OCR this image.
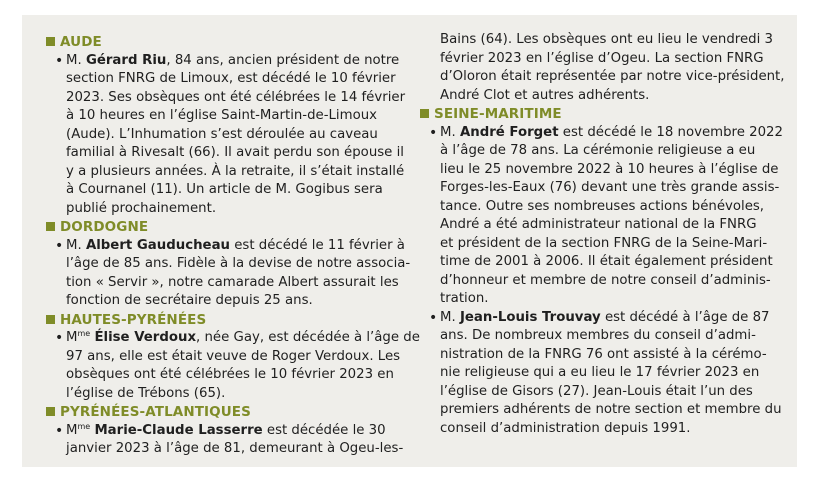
AUDE
• M. Gérard Riu, 84 ans, ancien président de notre
section FNRG de Limoux, est décédé le 10 février
2023. Ses obsèques ont été célébrées le 14 février
à 10 heures en l’église Saint-Martin-de-Limoux
(Aude). L’Inhumation s’est déroulée au caveau
familial à Rivesalt (66). Il avait perdu son épouse il
y a plusieurs années. À la retraite, il s’était installé
à Cournanel (11). Un article de M. Gogibus sera
publié prochainement.
DORDOGNE
• M. Albert Gauducheau est décédé le 11 février à
l’âge de 85 ans. Fidèle à la devise de notre associa-
tion « Servir », notre camarade Albert assurait les
fonction de secrétaire depuis 25 ans.
HAUTES-PYRÉNÉES
• $M^{me}$ Élise Verdoux, née Gay, est décédée à l’âge de
97 ans, elle est était veuve de Roger Verdoux. Les
obsèques ont été célébrées le 10 février 2023 en
l’église de Trébons (65).
PYRÉNÉES-ATLANTIQUES
• $M^{me}$ Marie-Claude Lasserre est décédée le 30
janvier 2023 à l’âge de 81, demeurant à Ogeu-les-
Bains (64). Les obsèques ont eu lieu le vendredi 3
février 2023 en l’église d’Ogeu. La section FNRG
d’Oloron était représentée par notre vice-président,
André Clot et autres adhérents.
SEINE-MARITIME
• M. André Forget est décédé le 18 novembre 2022
à l’âge de 78 ans. La cérémonie religieuse a eu
lieu le 25 novembre 2022 à 10 heures à l’église de
Forges-les-Eaux (76) devant une très grande assis-
tance. Outre ses nombreuses actions bénévoles,
André a été administrateur national de la FNRG
et président de la section FNRG de la Seine-Mari-
time de 2001 à 2006. Il était également président
d’honneur et membre de notre conseil d’adminis-
tration.
• M. Jean-Louis Trouvay est décédé à l’âge de 87
ans. De nombreux membres du conseil d’admi-
nistration de la FNRG 76 ont assisté à la cérémo-
nie religieuse qui a eu lieu le 17 février 2023 en
l’église de Gisors (27). Jean-Louis était l’un des
premiers adhérents de notre section et membre du
conseil d’administration depuis 1991.
